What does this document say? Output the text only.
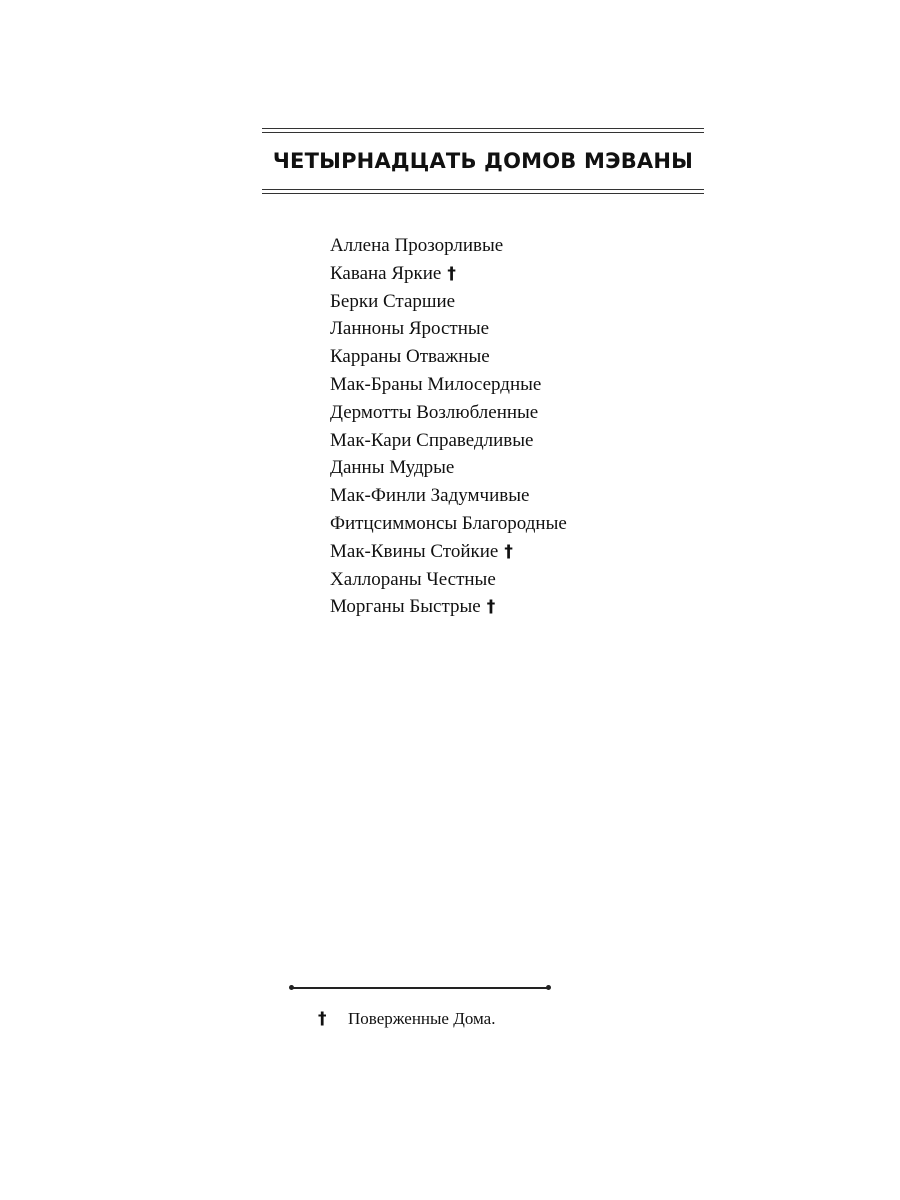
ЧЕТЫРНАДЦАТЬ ДОМОВ МЭВАНЫ
Аллена Прозорливые
Кавана Яркие †
Берки Старшие
Ланноны Яростные
Карраны Отважные
Мак-Браны Милосердные
Дермотты Возлюбленные
Мак-Кари Справедливые
Данны Мудрые
Мак-Финли Задумчивые
Фитцсиммонсы Благородные
Мак-Квины Стойкие †
Халлораны Честные
Морганы Быстрые †
† Поверженные Дома.
